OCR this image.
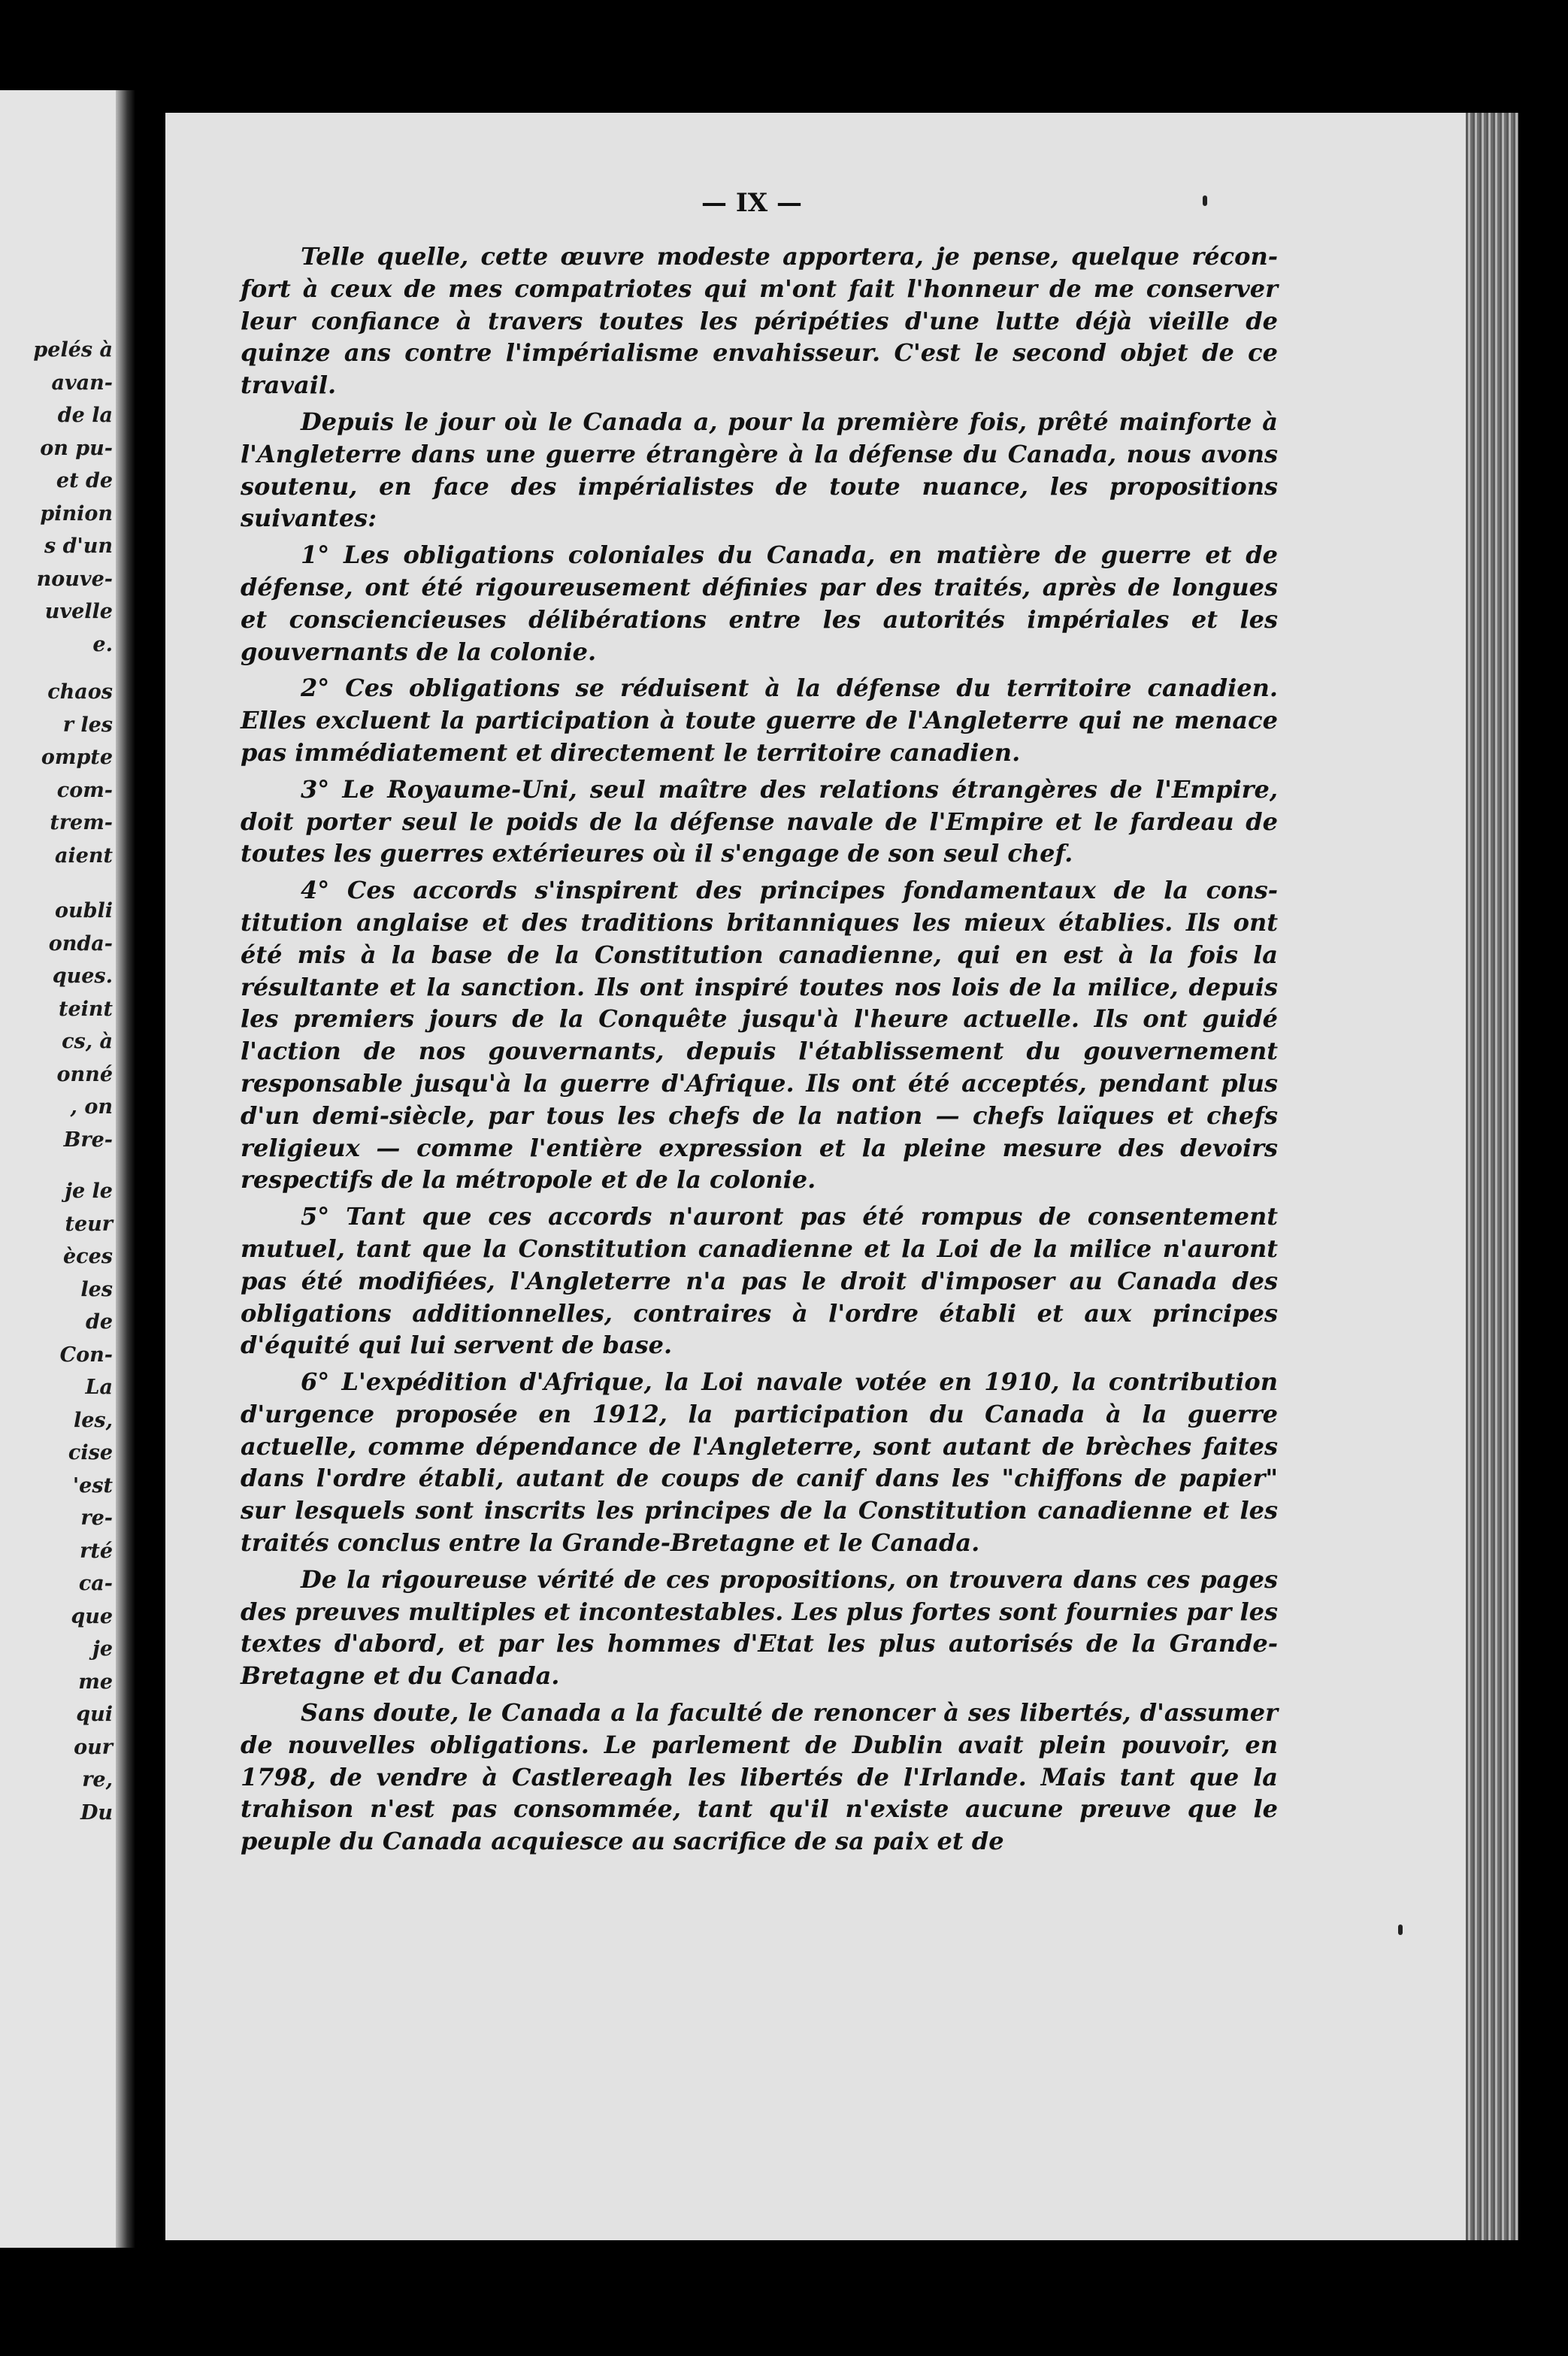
pelés à
avan-
de la
on pu-
et de
pinion
s d'un
nouve-
uvelle
e.
chaos
r les
ompte
com-
trem-
aient
oubli
onda-
ques.
teint
cs, à
onné
, on
Bre-
je le
teur
èces
les
de
Con-
La
les,
cise
'est
re-
rté
ca-
que
je
me
qui
our
re,
Du
— IX —

Telle quelle, cette œuvre modeste apportera, je pense, quelque réconfort à ceux de mes compatriotes qui m'ont fait l'honneur de me conserver leur confiance à travers toutes les péripéties d'une lutte déjà vieille de quinze ans contre l'impérialisme envahisseur. C'est le second objet de ce travail.

Depuis le jour où le Canada a, pour la première fois, prêté mainforte à l'Angleterre dans une guerre étrangère à la défense du Canada, nous avons soutenu, en face des impérialistes de toute nuance, les propositions suivantes:

1° Les obligations coloniales du Canada, en matière de guerre et de défense, ont été rigoureusement définies par des traités, après de longues et consciencieuses délibérations entre les autorités impériales et les gouvernants de la colonie.

2° Ces obligations se réduisent à la défense du territoire canadien. Elles excluent la participation à toute guerre de l'Angleterre qui ne menace pas immédiatement et directement le territoire canadien.

3° Le Royaume-Uni, seul maître des relations étrangères de l'Empire, doit porter seul le poids de la défense navale de l'Empire et le fardeau de toutes les guerres extérieures où il s'engage de son seul chef.

4° Ces accords s'inspirent des principes fondamentaux de la constitution anglaise et des traditions britanniques les mieux établies. Ils ont été mis à la base de la Constitution canadienne, qui en est à la fois la résultante et la sanction. Ils ont inspiré toutes nos lois de la milice, depuis les premiers jours de la Conquête jusqu'à l'heure actuelle. Ils ont guidé l'action de nos gouvernants, depuis l'établissement du gouvernement responsable jusqu'à la guerre d'Afrique. Ils ont été acceptés, pendant plus d'un demi-siècle, par tous les chefs de la nation — chefs laïques et chefs religieux — comme l'entière expression et la pleine mesure des devoirs respectifs de la métropole et de la colonie.

5° Tant que ces accords n'auront pas été rompus de consentement mutuel, tant que la Constitution canadienne et la Loi de la milice n'auront pas été modifiées, l'Angleterre n'a pas le droit d'imposer au Canada des obligations additionnelles, contraires à l'ordre établi et aux principes d'équité qui lui servent de base.

6° L'expédition d'Afrique, la Loi navale votée en 1910, la contribution d'urgence proposée en 1912, la participation du Canada à la guerre actuelle, comme dépendance de l'Angleterre, sont autant de brèches faites dans l'ordre établi, autant de coups de canif dans les "chiffons de papier" sur lesquels sont inscrits les principes de la Constitution canadienne et les traités conclus entre la Grande-Bretagne et le Canada.

De la rigoureuse vérité de ces propositions, on trouvera dans ces pages des preuves multiples et incontestables. Les plus fortes sont fournies par les textes d'abord, et par les hommes d'Etat les plus autorisés de la Grande-Bretagne et du Canada.

Sans doute, le Canada a la faculté de renoncer à ses libertés, d'assumer de nouvelles obligations. Le parlement de Dublin avait plein pouvoir, en 1798, de vendre à Castlereagh les libertés de l'Irlande. Mais tant que la trahison n'est pas consommée, tant qu'il n'existe aucune preuve que le peuple du Canada acquiesce au sacrifice de sa paix et de
